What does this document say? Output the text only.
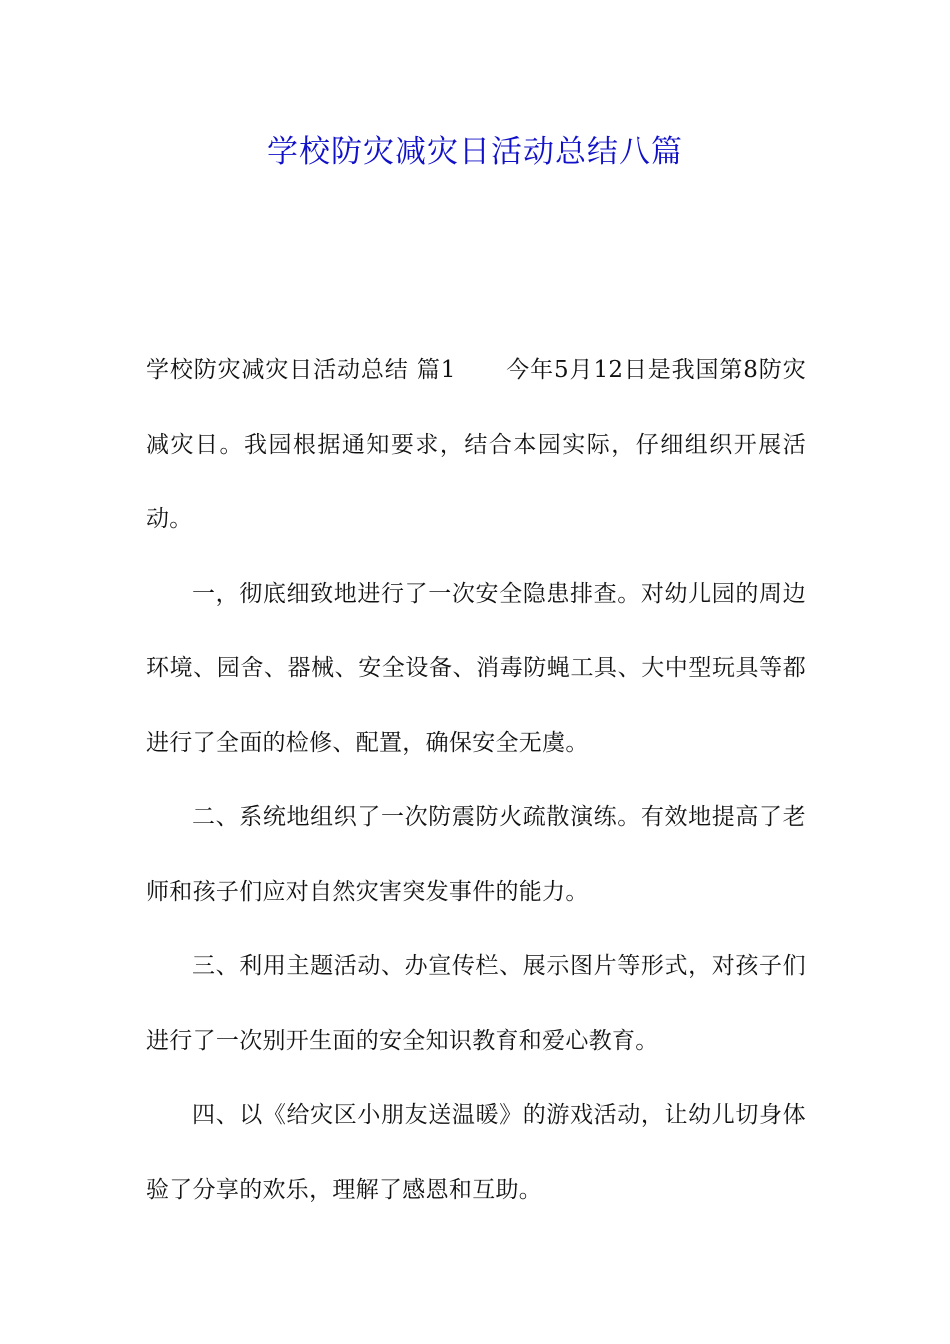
学校防灾减灾日活动总结八篇

学校防灾减灾日活动总结 篇1 今年5月12日是我国第8防灾减灾日。我园根据通知要求，结合本园实际，仔细组织开展活动。

一，彻底细致地进行了一次安全隐患排查。对幼儿园的周边环境、园舍、器械、安全设备、消毒防蝇工具、大中型玩具等都进行了全面的检修、配置，确保安全无虞。

二、系统地组织了一次防震防火疏散演练。有效地提高了老师和孩子们应对自然灾害突发事件的能力。

三、利用主题活动、办宣传栏、展示图片等形式，对孩子们进行了一次别开生面的安全知识教育和爱心教育。

四、以《给灾区小朋友送温暖》的游戏活动，让幼儿切身体验了分享的欢乐，理解了感恩和互助。
